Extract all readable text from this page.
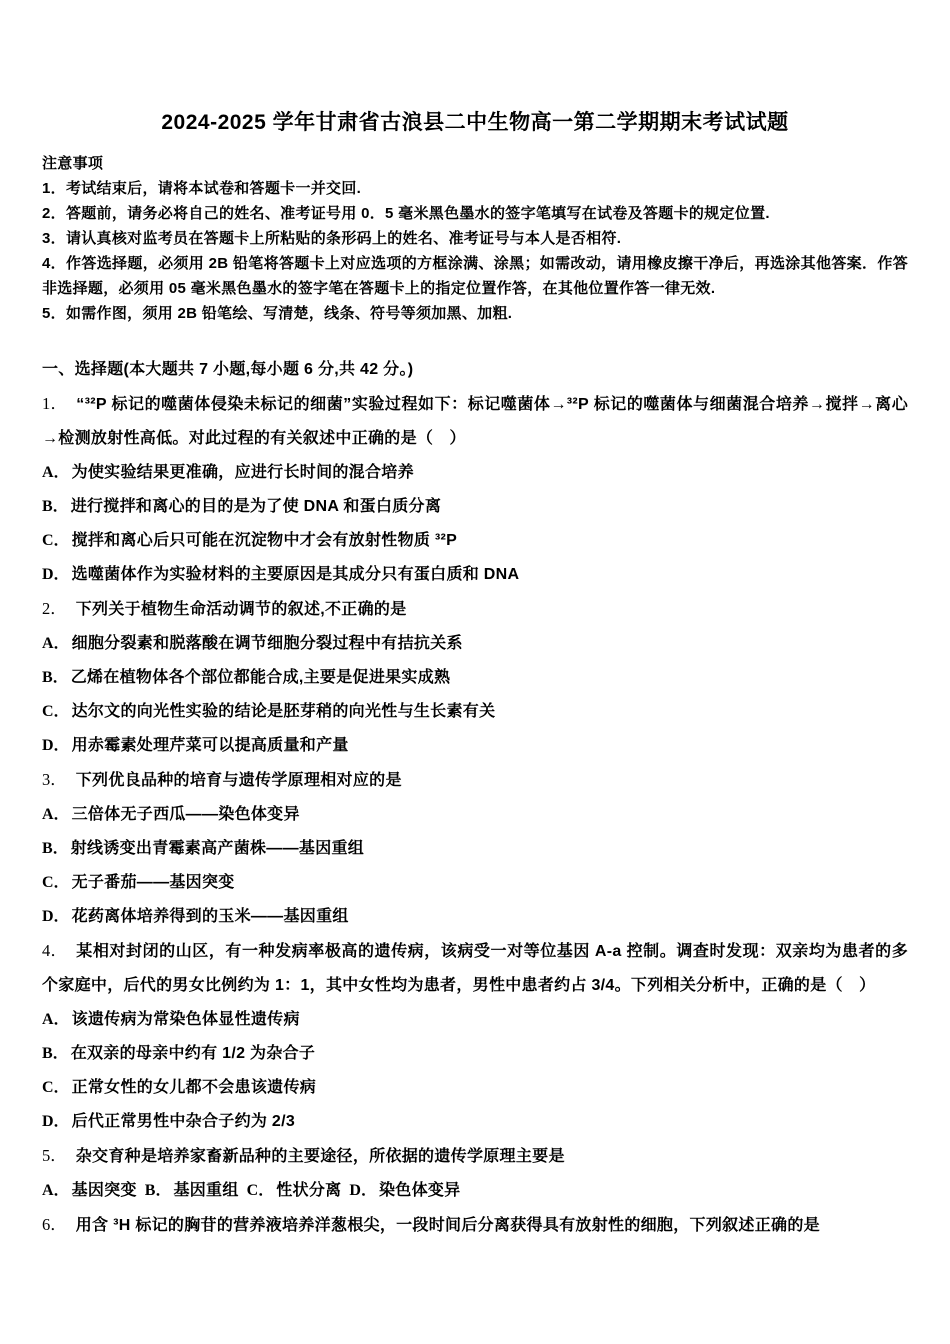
2024-2025 学年甘肃省古浪县二中生物高一第二学期期末考试试题

注意事项

1．考试结束后，请将本试卷和答题卡一并交回.

2．答题前，请务必将自己的姓名、准考证号用 0．5 毫米黑色墨水的签字笔填写在试卷及答题卡的规定位置.

3．请认真核对监考员在答题卡上所粘贴的条形码上的姓名、准考证号与本人是否相符.

4．作答选择题，必须用 2B 铅笔将答题卡上对应选项的方框涂满、涂黑；如需改动，请用橡皮擦干净后，再选涂其他答案．作答非选择题，必须用 05 毫米黑色墨水的签字笔在答题卡上的指定位置作答，在其他位置作答一律无效.

5．如需作图，须用 2B 铅笔绘、写清楚，线条、符号等须加黑、加粗.

一、选择题(本大题共 7 小题,每小题 6 分,共 42 分。)

1． “³²P 标记的噬菌体侵染未标记的细菌”实验过程如下：标记噬菌体→³²P 标记的噬菌体与细菌混合培养→搅拌→离心→检测放射性高低。对此过程的有关叙述中正确的是（　）

A． 为使实验结果更准确，应进行长时间的混合培养

B． 进行搅拌和离心的目的是为了使 DNA 和蛋白质分离

C． 搅拌和离心后只可能在沉淀物中才会有放射性物质 ³²P

D． 选噬菌体作为实验材料的主要原因是其成分只有蛋白质和 DNA

2． 下列关于植物生命活动调节的叙述,不正确的是

A． 细胞分裂素和脱落酸在调节细胞分裂过程中有拮抗关系

B． 乙烯在植物体各个部位都能合成,主要是促进果实成熟

C． 达尔文的向光性实验的结论是胚芽稍的向光性与生长素有关

D． 用赤霉素处理芹菜可以提高质量和产量

3． 下列优良品种的培育与遗传学原理相对应的是

A． 三倍体无子西瓜——染色体变异

B． 射线诱变出青霉素高产菌株——基因重组

C． 无子番茄——基因突变

D． 花药离体培养得到的玉米——基因重组

4． 某相对封闭的山区，有一种发病率极高的遗传病，该病受一对等位基因 A-a 控制。调查时发现：双亲均为患者的多个家庭中，后代的男女比例约为 1：1，其中女性均为患者，男性中患者约占 3/4。下列相关分析中，正确的是（　）

A． 该遗传病为常染色体显性遗传病

B． 在双亲的母亲中约有 1/2 为杂合子

C． 正常女性的女儿都不会患该遗传病

D． 后代正常男性中杂合子约为 2/3

5． 杂交育种是培养家畜新品种的主要途径，所依据的遗传学原理主要是

A． 基因突变 B． 基因重组 C． 性状分离 D． 染色体变异

6． 用含 ³H 标记的胸苷的营养液培养洋葱根尖，一段时间后分离获得具有放射性的细胞，下列叙述正确的是
